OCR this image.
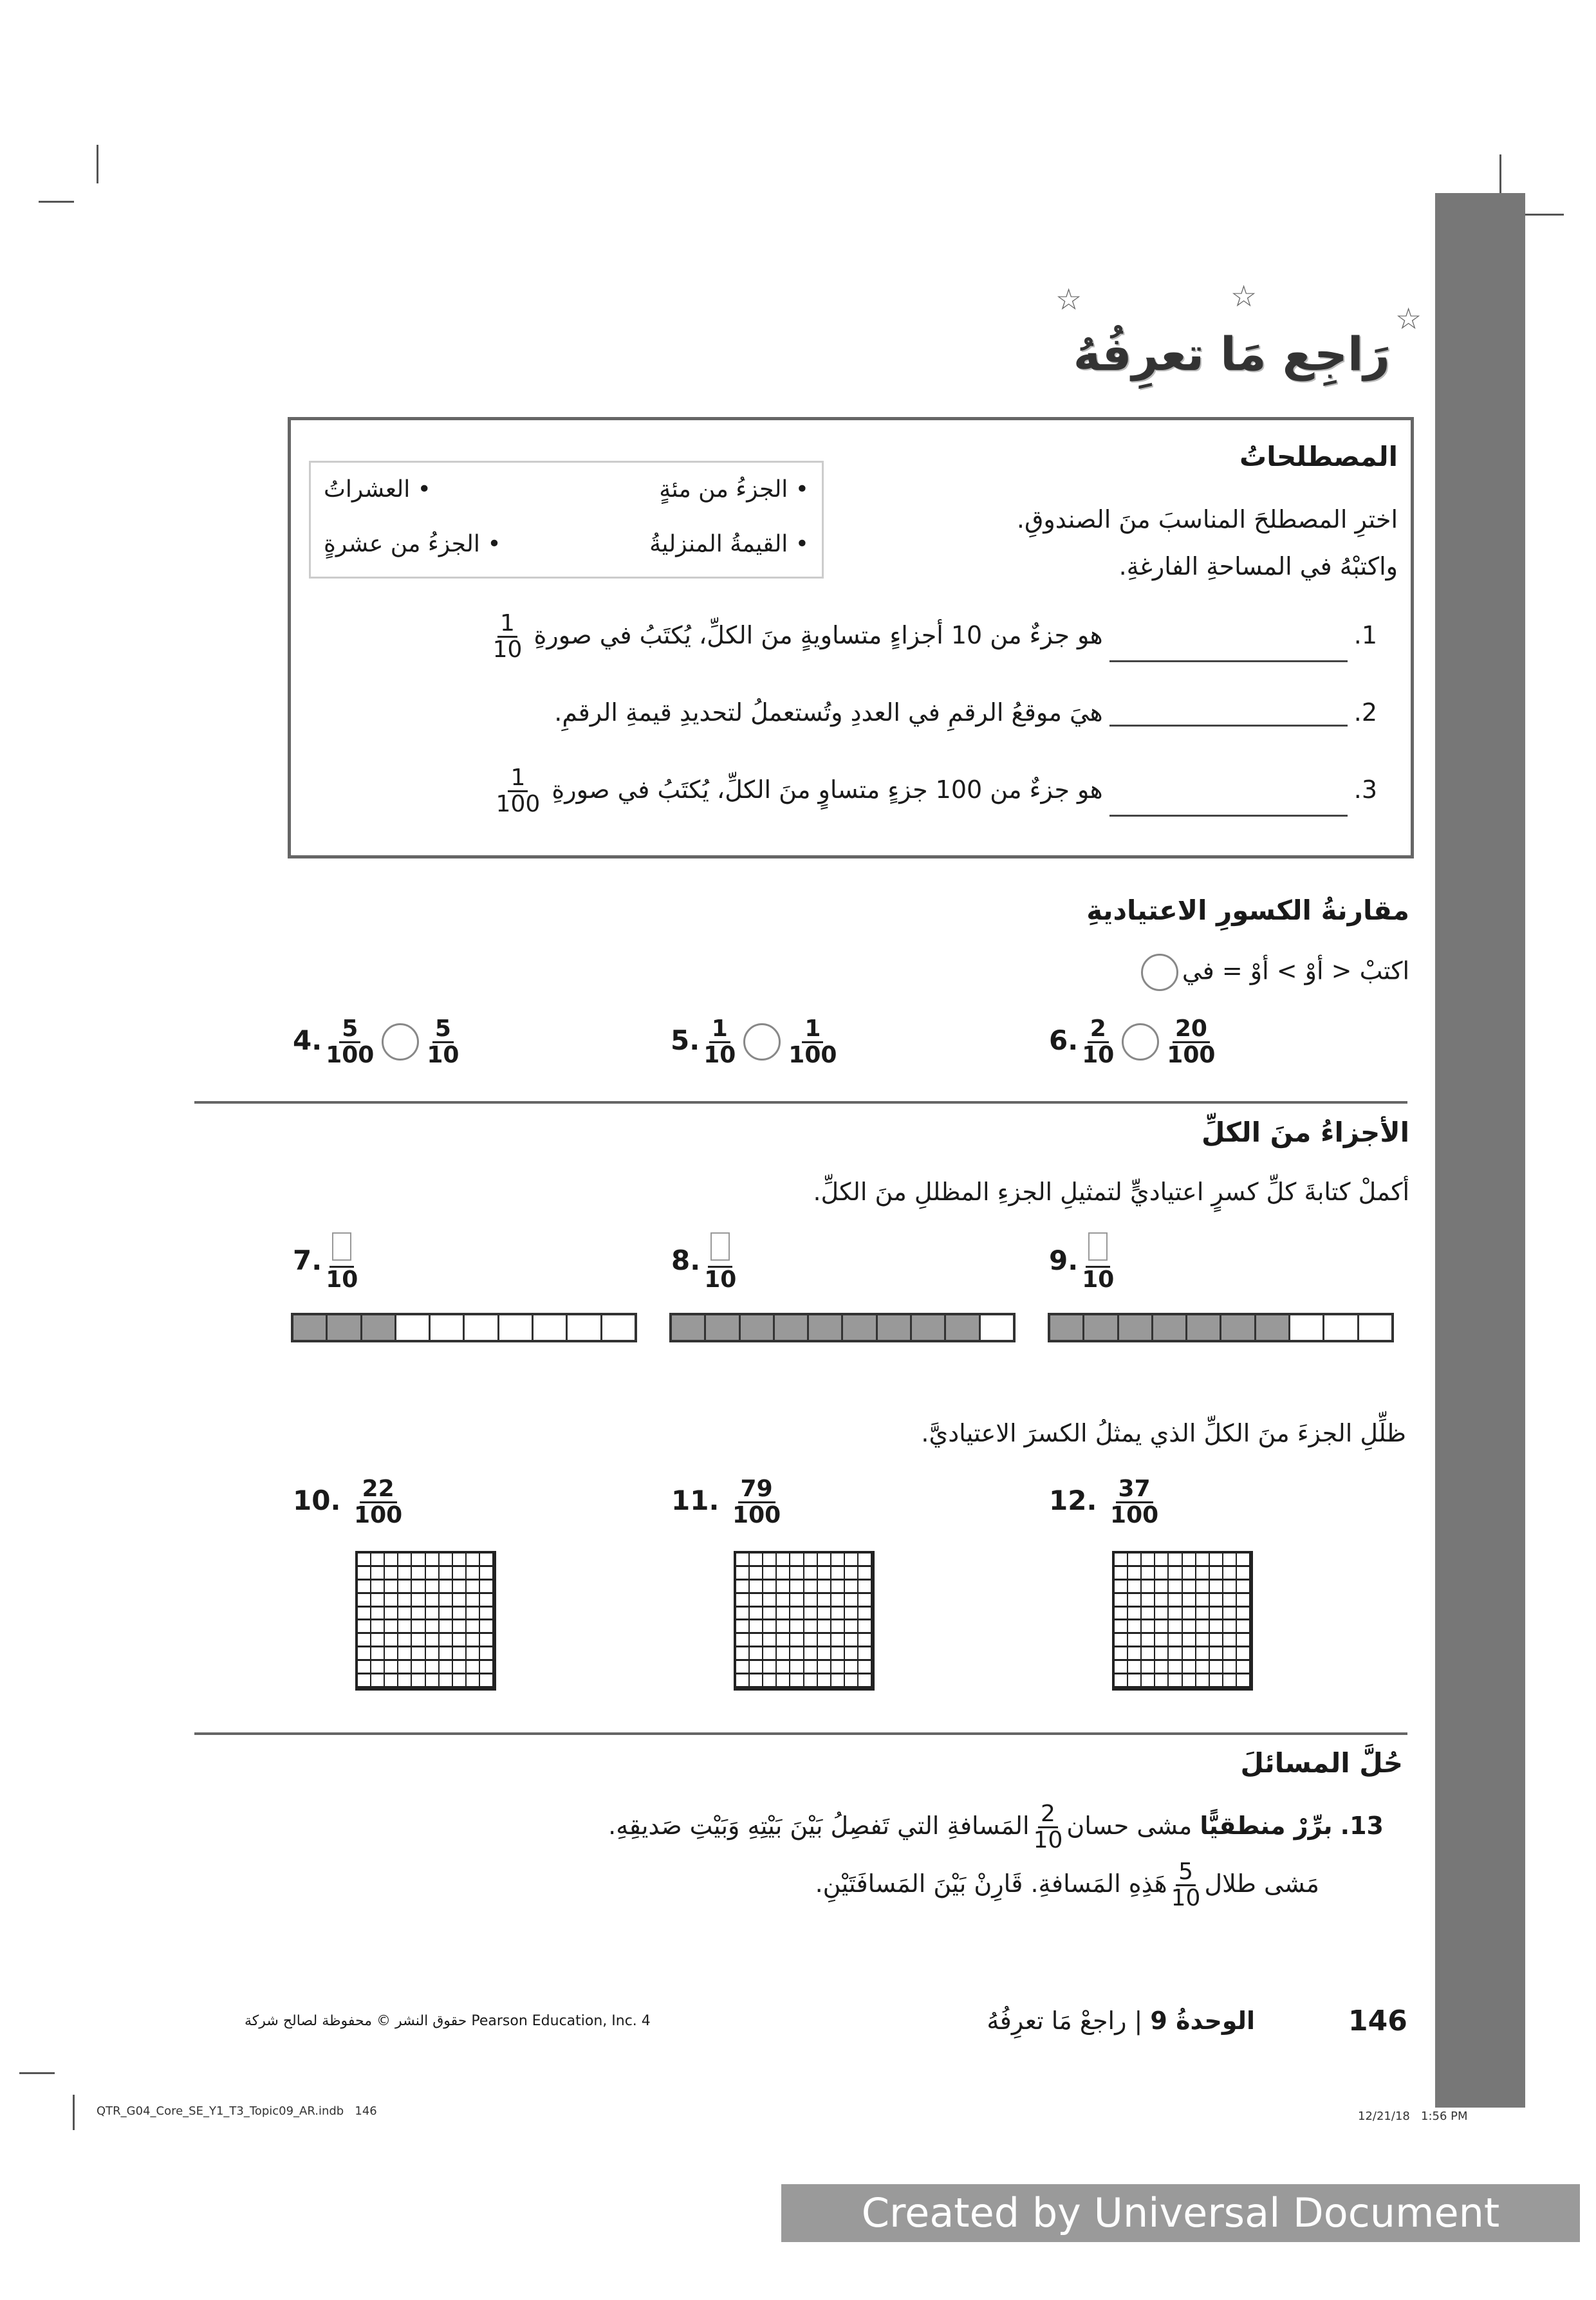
☆	☆
☆
رَاجِع مَا تعرِفُهُ
• الجزءُ من مئةٍ
• العشراتُ
• القيمةُ المنزليةُ
• الجزءُ من عشرةٍ
المصطلحاتُ
اخترِ المصطلحَ المناسبَ منَ الصندوقِ.
واكتبْهُ في المساحةِ الفارغةِ.
1.هو جزءٌ من 10 أجزاءٍ متساويةٍ منَ الكلِّ، يُكتَبُ في صورةِ
$\frac{1}{10}$
2.هيَ موقعُ الرقمِ في العددِ وتُستعملُ لتحديدِ قيمةِ الرقمِ.
3.هو جزءٌ من 100 جزءٍ متساوٍ منَ الكلِّ، يُكتَبُ في صورةِ
$\frac{1}{100}$
مقارنةُ الكسورِ الاعتياديةِ
اكتبْ < أوْ > أوْ = في
4. $\frac{5}{100} \frac{5}{10}$	5. $\frac{1}{10} \frac{1}{100}$	6. $\frac{2}{10} \frac{20}{100}$
الأجزاءُ منَ الكلِّ
أكملْ كتابةَ كلِّ كسرٍ اعتياديٍّ لتمثيلِ الجزءِ المظللِ منَ الكلِّ.
7.
10
8.
10
9.
10
ظلِّلِ الجزءَ منَ الكلِّ الذي يمثلُ الكسرَ الاعتياديَّ.
10. $\frac{22}{100}$	11. $\frac{79}{100}$	12. $\frac{37}{100}$
حُلَّ المسائلَ
13. برِّرْ منطقيًّا مشى حسان
$\frac{2}{10}$
المَسافةِ التي تَفصِلُ بَيْنَ بَيْتِهِ وَبَيْتِ صَديقِهِ.
مَشى طلال
$\frac{5}{10}$
هَذِهِ المَسافةِ. قَارِنْ بَيْنَ المَسافَتَيْنِ.
146
الوحدةُ 9 | راجعْ مَا تعرِفُهُ
حقوق النشر © محفوظة لصالح شركة Pearson Education, Inc. 4
QTR_G04_Core_SE_Y1_T3_Topic09_AR.indb   146	12/21/18   1:56 PM
Created by Universal Document Converter
